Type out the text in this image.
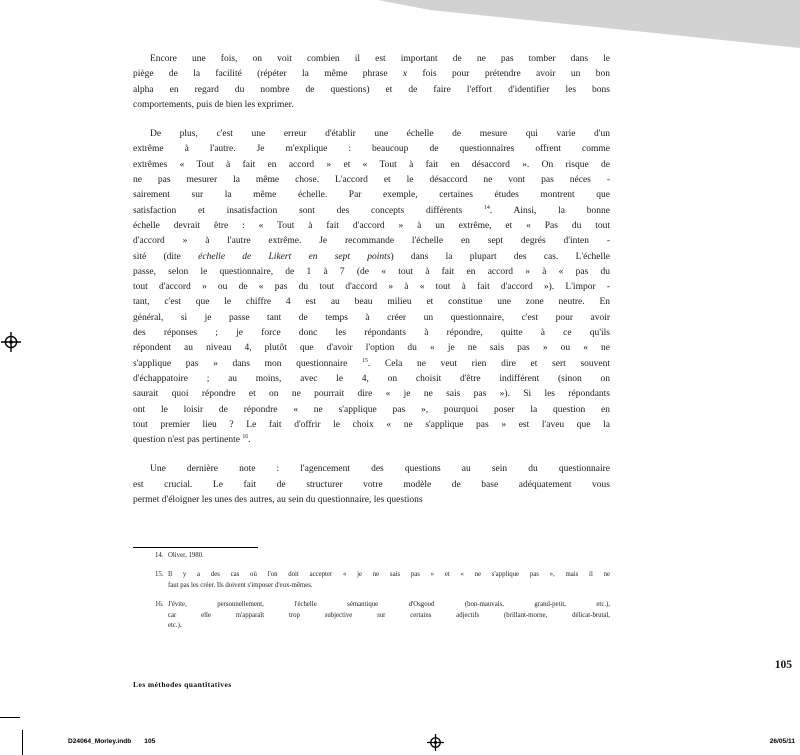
Encore une fois, on voit combien il est important de ne pas tomber dans le
piège de la facilité (répéter la même phrase x fois pour prétendre avoir un bon
alpha en regard du nombre de questions) et de faire l'effort d'identifier les bons
comportements, puis de bien les exprimer.
De plus, c'est une erreur d'établir une échelle de mesure qui varie d'un
extrême à l'autre. Je m'explique : beaucoup de questionnaires offrent comme
extrêmes « Tout à fait en accord » et « Tout à fait en désaccord ». On risque de
ne pas mesurer la même chose. L'accord et le désaccord ne vont pas néces -
sairement sur la même échelle. Par exemple, certaines études montrent que
satisfaction et insatisfaction sont des concepts différents $^{14}$. Ainsi, la bonne
échelle devrait être : « Tout à fait d'accord » à un extrême, et « Pas du tout
d'accord » à l'autre extrême. Je recommande l'échelle en sept degrés d'inten -
sité (dite échelle de Likert en sept points) dans la plupart des cas. L'échelle
passe, selon le questionnaire, de 1 à 7 (de « tout à fait en accord » à « pas du
tout d'accord » ou de « pas du tout d'accord » à « tout à fait d'accord »). L'impor -
tant, c'est que le chiffre 4 est au beau milieu et constitue une zone neutre. En
général, si je passe tant de temps à créer un questionnaire, c'est pour avoir
des réponses ; je force donc les répondants à répondre, quitte à ce qu'ils
répondent au niveau 4, plutôt que d'avoir l'option du « je ne sais pas » ou « ne
s'applique pas » dans mon questionnaire $^{15}$. Cela ne veut rien dire et sert souvent
d'échappatoire ; au moins, avec le 4, on choisit d'être indifférent (sinon on
saurait quoi répondre et on ne pourrait dire « je ne sais pas »). Si les répondants
ont le loisir de répondre « ne s'applique pas », pourquoi poser la question en
tout premier lieu ? Le fait d'offrir le choix « ne s'applique pas » est l'aveu que la
question n'est pas pertinente $^{16}$.
Une dernière note : l'agencement des questions au sein du questionnaire
est crucial. Le fait de structurer votre modèle de base adéquatement vous
permet d'éloigner les unes des autres, au sein du questionnaire, les questions
14. Oliver, 1980.
15. Il y a des cas où l'on doit accepter « je ne sais pas » et « ne s'applique pas », mais il ne
faut pas les créer. Ils doivent s'imposer d'eux-mêmes.
16. J'évite, personnellement, l'échelle sémantique d'Osgood (bon-mauvais, grand-petit, etc.),
car elle m'apparaît trop subjective sur certains adjectifs (brillant-morne, délicat-brutal,
etc.).
105
Les méthodes quantitatives
D24064_Morley.indb 105	26/05/11
